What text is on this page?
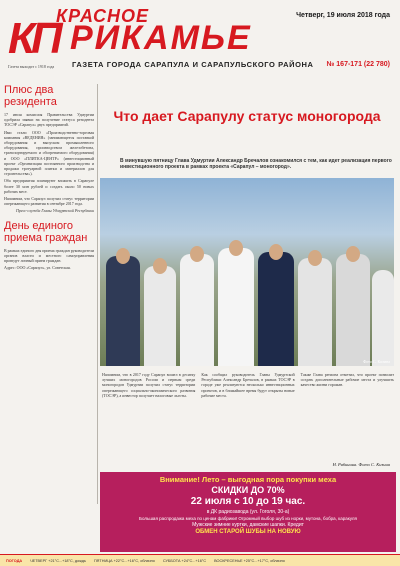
КП
КРАСНОЕ
РИКАМЬЕ
Четверг, 19 июля 2018 года
ГАЗЕТА ГОРОДА САРАПУЛА И САРАПУЛЬСКОГО РАЙОНА № 167-171 (22 780)
Газета выходит с 1918 года
Плюс два резидента

17 июля комиссия Правительства Удмуртии одобрила заявки на получение статуса резидента ТОСЭР «Сарапул» двух предприятий.

Ими стали ООО «Производственно-торговая компания «ВЕДЕНИЯ» (занимающееся поставкой оборудования и выпуском промышленного оборудования, производством железобетона, транспортируемого и обогреваемого оборудования) и ООО «ПЛИТКА-ЦЕНТР» (инвестиционный проект «Организация постоянного производства и продажи тротуарной плитки и материалов для строительства»).

Оба предприятия планируют вложить в Сарапуле более 30 млн рублей и создать около 50 новых рабочих мест.

Напомним, что Сарапул получил статус территории опережающего развития в сентябре 2017 года.

Пресс-служба Главы Удмуртской Республики

День единого приема граждан

В рамках единого дня приема граждан руководители органов власти и местного самоуправления проведут личный прием граждан.

Адрес: ООО «Сарапул», ул. Советская.

Что дает Сарапулу статус моногорода
В минувшую пятницу Глава Удмуртии Александр Бречалов ознакомился с тем, как идет реализация первого инвестиционного проекта в рамках проекта «Сарапул – моногород».
Фото С. Кизина
Напомним, что в 2017 году Сарапул вошел в десятку лучших моногородов России и первым среди моногородов Удмуртии получил статус территории опережающего социально-экономического развития (ТОСЭР), а инвестор получает налоговые льготы.
Как сообщил руководитель Главы Удмуртской Республики Александр Бречалов, в рамках ТОСЭР в городе уже реализуются несколько инвестиционных проектов, и в ближайшее время будут открыты новые рабочие места.
Также Глава региона отметил, что проект позволит создать дополнительные рабочие места и улучшить качество жизни горожан.
Н. Рябинина. Фото С. Кизина
Внимание! Лето – выгодная пора покупки меха
СКИДКИ ДО 70%
22 июля с 10 до 19 час.
в ДК радиозавода (ул. Гоголя, 30-а)
Большая распродажа меха по ценам фабрики! Огромный выбор шуб из норки, мутона, бобра, каракуля
Мужские зимние куртки, дамские шапки. Кредит
ОБМЕН СТАРОЙ ШУБЫ НА НОВУЮ
ПОГОДА ЧЕТВЕРГ +21°С...+18°С, дождь ПЯТНИЦА +22°С...+16°С, облачно СУББОТА +24°С...+16°С ВОСКРЕСЕНЬЕ +25°С...+17°С, облачно
